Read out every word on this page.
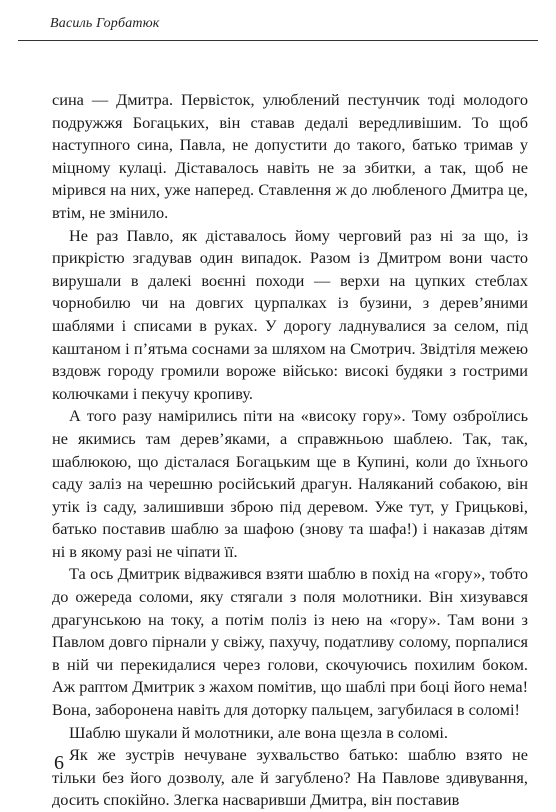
Василь Горбатюк

сина — Дмитра. Первісток, улюблений пестунчик тоді молодого подружжя Богацьких, він ставав дедалі вередливішим. То щоб наступного сина, Павла, не допустити до такого, батько тримав у міцному кулаці. Діставалось навіть не за збитки, а так, щоб не мірився на них, уже наперед. Ставлення ж до любленого Дмитра це, втім, не змінило.

Не раз Павло, як діставалось йому черговий раз ні за що, із прикрістю згадував один випадок. Разом із Дмитром вони часто вирушали в далекі воєнні походи — верхи на цупких стеблах чорнобилю чи на довгих цурпалках із бузини, з дерев’яними шаблями і списами в руках. У дорогу ладнувалися за селом, під каштаном і п’ятьма соснами за шляхом на Смотрич. Звідтіля межею вздовж городу громили вороже військо: високі будяки з гострими колючками і пекучу кропиву.

А того разу намірились піти на «високу гору». Тому озброїлись не якимись там дерев’яками, а справжньою шаблею. Так, так, шаблюкою, що дісталася Богацьким ще в Купині, коли до їхнього саду заліз на черешню російський драгун. Наляканий собакою, він утік із саду, залишивши зброю під деревом. Уже тут, у Грицькові, батько поставив шаблю за шафою (знову та шафа!) і наказав дітям ні в якому разі не чіпати її.

Та ось Дмитрик відважився взяти шаблю в похід на «гору», тобто до ожереда соломи, яку стягали з поля молотники. Він хизувався драгунською на току, а потім поліз із нею на «гору». Там вони з Павлом довго пірнали у свіжу, пахучу, податливу солому, порпалися в ній чи перекидалися через голови, скочуючись похилим боком. Аж раптом Дмитрик з жахом помітив, що шаблі при боці його нема! Вона, заборонена навіть для доторку пальцем, загубилася в соломі!

Шаблю шукали й молотники, але вона щезла в соломі.

Як же зустрів нечуване зухвальство батько: шаблю взято не тільки без його дозволу, але й загублено? На Павлове здивування, досить спокійно. Злегка насваривши Дмитра, він поставив

6
